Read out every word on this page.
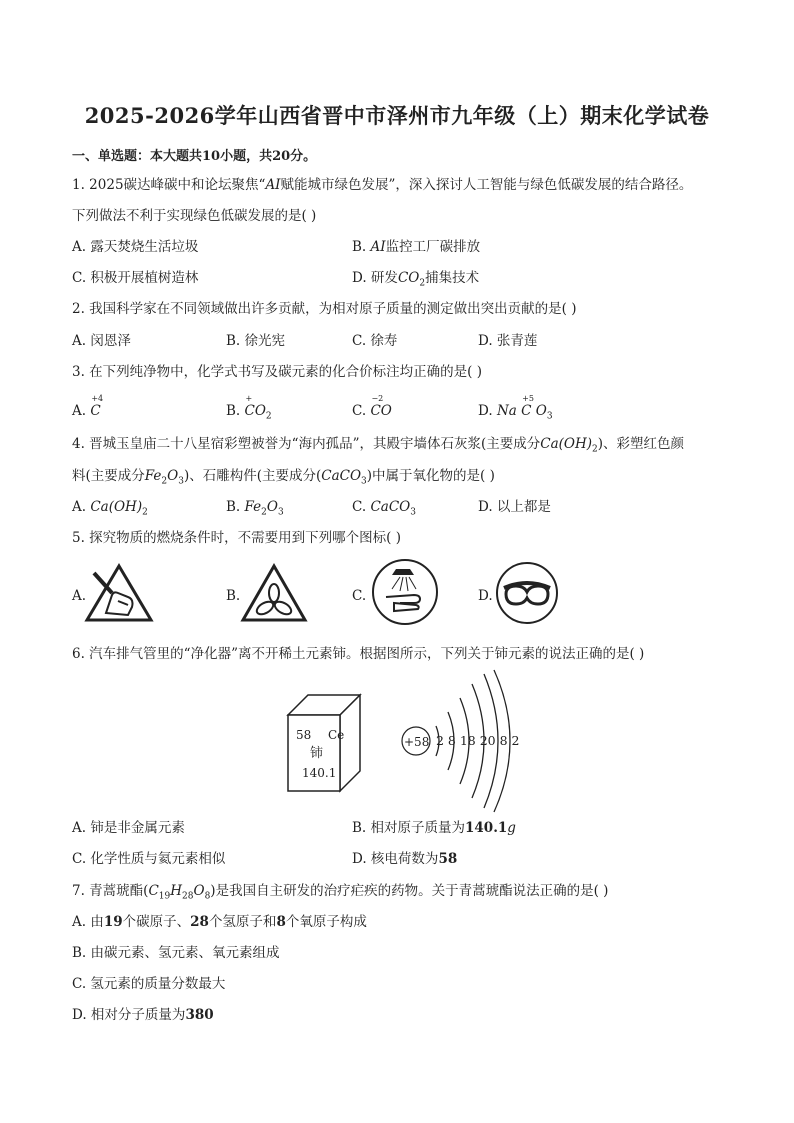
2025-2026学年山西省晋中市泽州市九年级（上）期末化学试卷
一、单选题：本大题共10小题，共20分。
1. 2025碳达峰碳中和论坛聚焦“AI赋能城市绿色发展”，深入探讨人工智能与绿色低碳发展的结合路径。
下列做法不利于实现绿色低碳发展的是( )
A. 露天焚烧生活垃圾	B. AI监控工厂碳排放
C. 积极开展植树造林	D. 研发$CO_2$捕集技术
2. 我国科学家在不同领域做出许多贡献，为相对原子质量的测定做出突出贡献的是( )
A. 闵恩泽	B. 徐光宪	C. 徐寿	D. 张青莲
3. 在下列纯净物中，化学式书写及碳元素的化合价标注均正确的是( )
A.
+4
C	B.
+
$CO_2$	C.
−2
CO	D. Na
+5
C $O_3$
4. 晋城玉皇庙二十八星宿彩塑被誉为“海内孤品”，其殿宇墙体石灰浆(主要成分$Ca(OH)_2$)、彩塑红色颜
料(主要成分$Fe_2O_3$)、石雕构件(主要成分(CaCO$_3$)中属于氧化物的是( )
A. $Ca(OH)_2$	B. $Fe_2O_3$	C. CaCO$_3$	D. 以上都是
5. 探究物质的燃烧条件时，不需要用到下列哪个图标( )
A.	B.	C.	D.
6. 汽车排气管里的“净化器”离不开稀土元素铈。根据图所示，下列关于铈元素的说法正确的是( )
58 Ce
铈
140.1
+58 2 8 18 20 8 2
A. 铈是非金属元素	B. 相对原子质量为140.1g
C. 化学性质与氦元素相似	D. 核电荷数为58
7. 青蒿琥酯$(C_{19}H_{28}O_8)$是我国自主研发的治疗疟疾的药物。关于青蒿琥酯说法正确的是( )
A. 由19个碳原子、28个氢原子和8个氧原子构成
B. 由碳元素、氢元素、氧元素组成
C. 氢元素的质量分数最大
D. 相对分子质量为380
